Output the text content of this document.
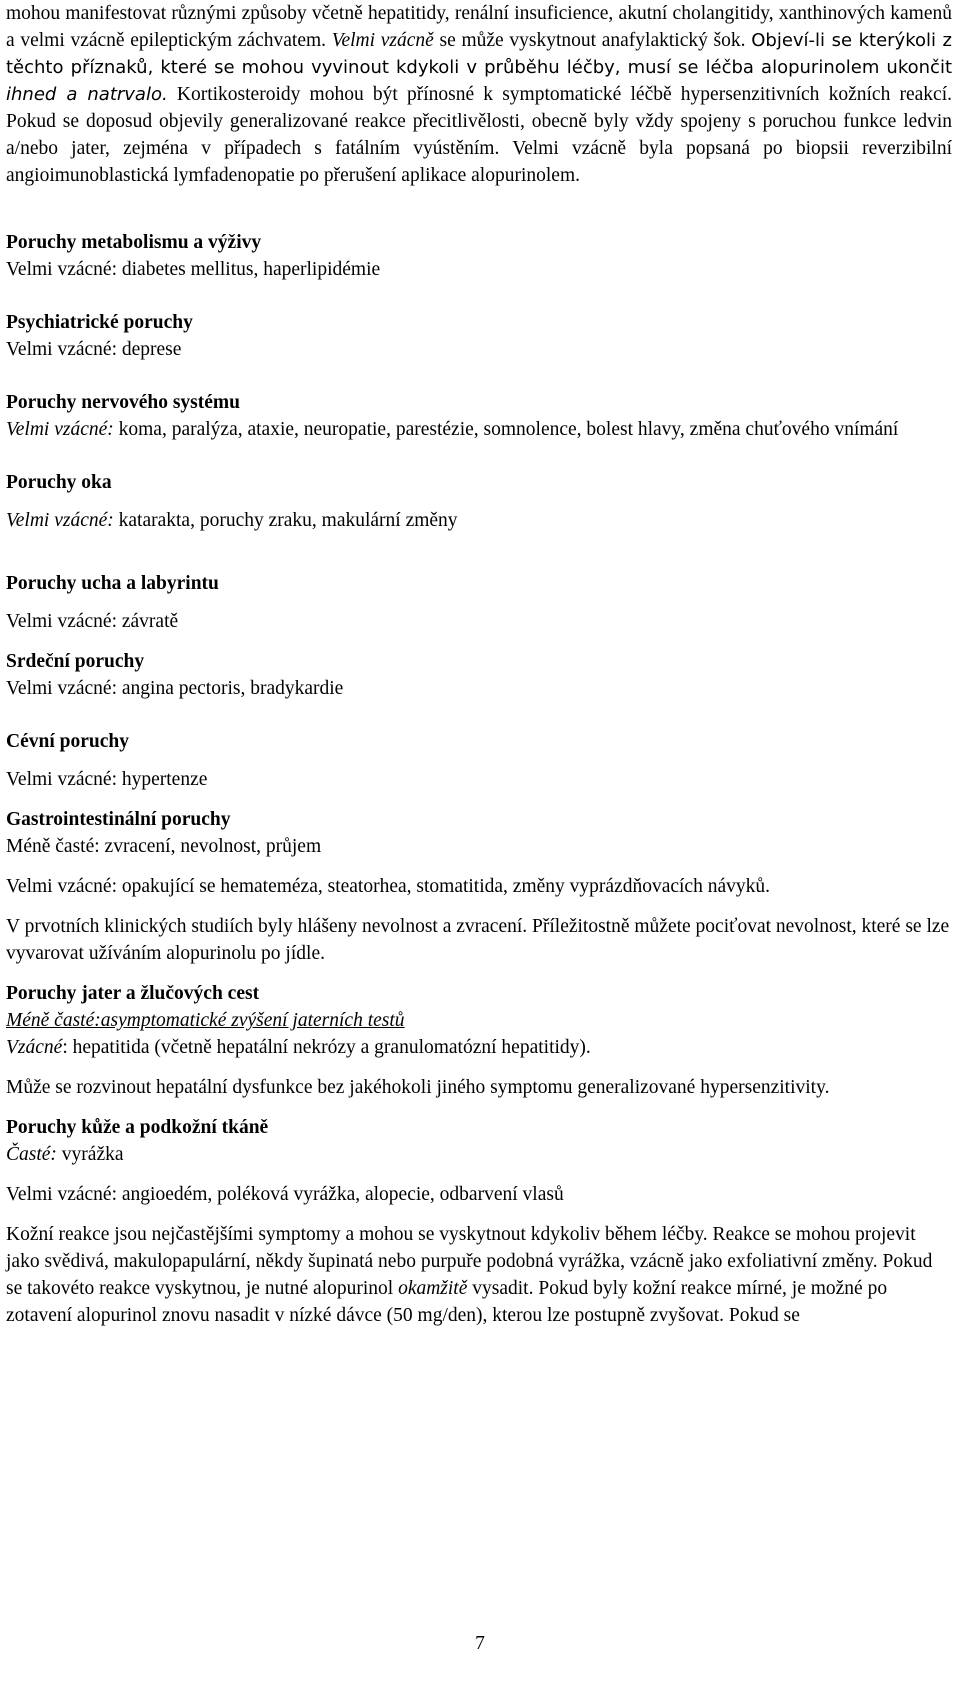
mohou manifestovat různými způsoby včetně hepatitidy, renální insuficience, akutní cholangitidy, xanthinových kamenů a velmi vzácně epileptickým záchvatem. Velmi vzácně se může vyskytnout anafylaktický šok. Objeví-li se kterýkoli z těchto příznaků, které se mohou vyvinout kdykoli v průběhu léčby, musí se léčba alopurinolem ukončit ihned a natrvalo. Kortikosteroidy mohou být přínosné k symptomatické léčbě hypersenzitivních kožních reakcí. Pokud se doposud objevily generalizované reakce přecitlivělosti, obecně byly vždy spojeny s poruchou funkce ledvin a/nebo jater, zejména v případech s fatálním vyústěním. Velmi vzácně byla popsaná po biopsii reverzibilní angioimunoblastická lymfadenopatie po přerušení aplikace alopurinolem.

Poruchy metabolismu a výživy

Velmi vzácné: diabetes mellitus, haperlipidémie

Psychiatrické poruchy

Velmi vzácné: deprese

Poruchy nervového systému

Velmi vzácné: koma, paralýza, ataxie, neuropatie, parestézie, somnolence, bolest hlavy, změna chuťového vnímání

Poruchy oka

Velmi vzácné: katarakta, poruchy zraku, makulární změny

Poruchy ucha a labyrintu

Velmi vzácné: závratě

Srdeční poruchy

Velmi vzácné: angina pectoris, bradykardie

Cévní poruchy

Velmi vzácné: hypertenze

Gastrointestinální poruchy

Méně časté: zvracení, nevolnost, průjem

Velmi vzácné: opakující se hemateméza, steatorhea, stomatitida, změny vyprázdňovacích návyků.

V prvotních klinických studiích byly hlášeny nevolnost a zvracení. Příležitostně můžete pociťovat nevolnost, které se lze vyvarovat užíváním alopurinolu po jídle.

Poruchy jater a žlučových cest

Méně časté:asymptomatické zvýšení jaterních testů

Vzácné: hepatitida (včetně hepatální nekrózy a granulomatózní hepatitidy).

Může se rozvinout hepatální dysfunkce bez jakéhokoli jiného symptomu generalizované hypersenzitivity.

Poruchy kůže a podkožní tkáně

Časté: vyrážka

Velmi vzácné: angioedém, poléková vyrážka, alopecie, odbarvení vlasů

Kožní reakce jsou nejčastějšími symptomy a mohou se vyskytnout kdykoliv během léčby. Reakce se mohou projevit jako svědivá, makulopapulární, někdy šupinatá nebo purpuře podobná vyrážka, vzácně jako exfoliativní změny. Pokud se takovéto reakce vyskytnou, je nutné alopurinol okamžitě vysadit. Pokud byly kožní reakce mírné, je možné po zotavení alopurinol znovu nasadit v nízké dávce (50 mg/den), kterou lze postupně zvyšovat. Pokud se

7
